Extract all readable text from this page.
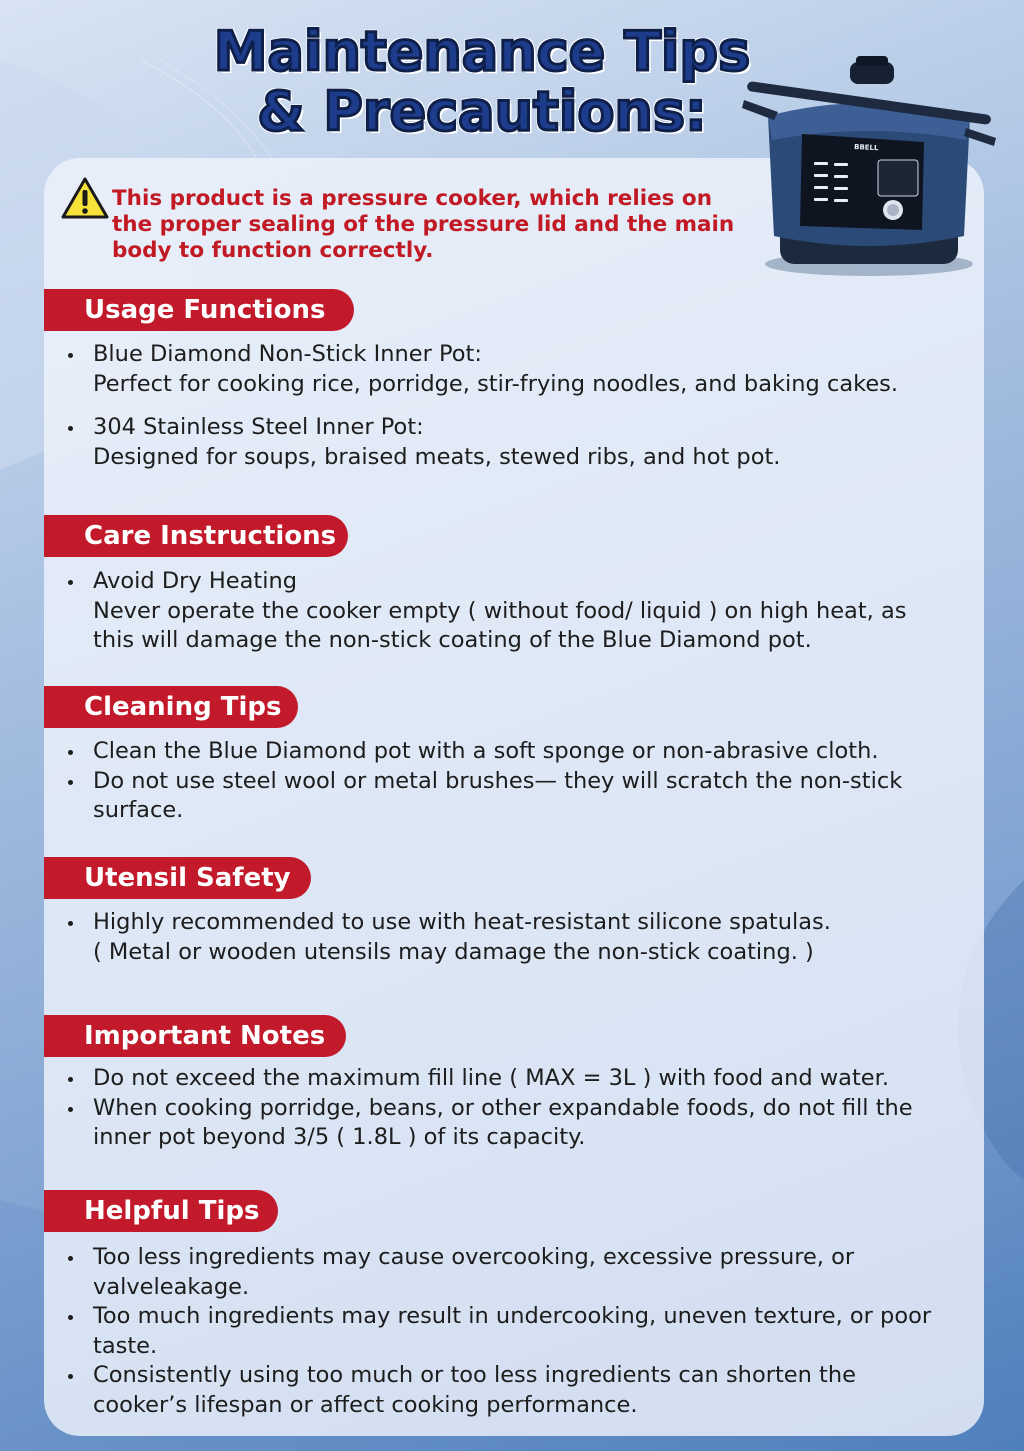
Maintenance Tips
& Precautions:
BBELL
This product is a pressure cooker, which relies on the proper sealing of the pressure lid and the main body to function correctly.
Usage Functions
Blue Diamond Non-Stick Inner Pot:
Perfect for cooking rice, porridge, stir-frying noodles, and baking cakes.
304 Stainless Steel Inner Pot:
Designed for soups, braised meats, stewed ribs, and hot pot.
Care Instructions
Avoid Dry Heating
Never operate the cooker empty ( without food/ liquid ) on high heat, as this will damage the non-stick coating of the Blue Diamond pot.
Cleaning Tips
Clean the Blue Diamond pot with a soft sponge or non-abrasive cloth.
Do not use steel wool or metal brushes— they will scratch the non-stick surface.
Utensil Safety
Highly recommended to use with heat-resistant silicone spatulas.
( Metal or wooden utensils may damage the non-stick coating. )
Important Notes
Do not exceed the maximum fill line ( MAX = 3L ) with food and water.
When cooking porridge, beans, or other expandable foods, do not fill the inner pot beyond 3/5 ( 1.8L ) of its capacity.
Helpful Tips
Too less ingredients may cause overcooking, excessive pressure, or valveleakage.
Too much ingredients may result in undercooking, uneven texture, or poor taste.
Consistently using too much or too less ingredients can shorten the cooker’s lifespan or affect cooking performance.
